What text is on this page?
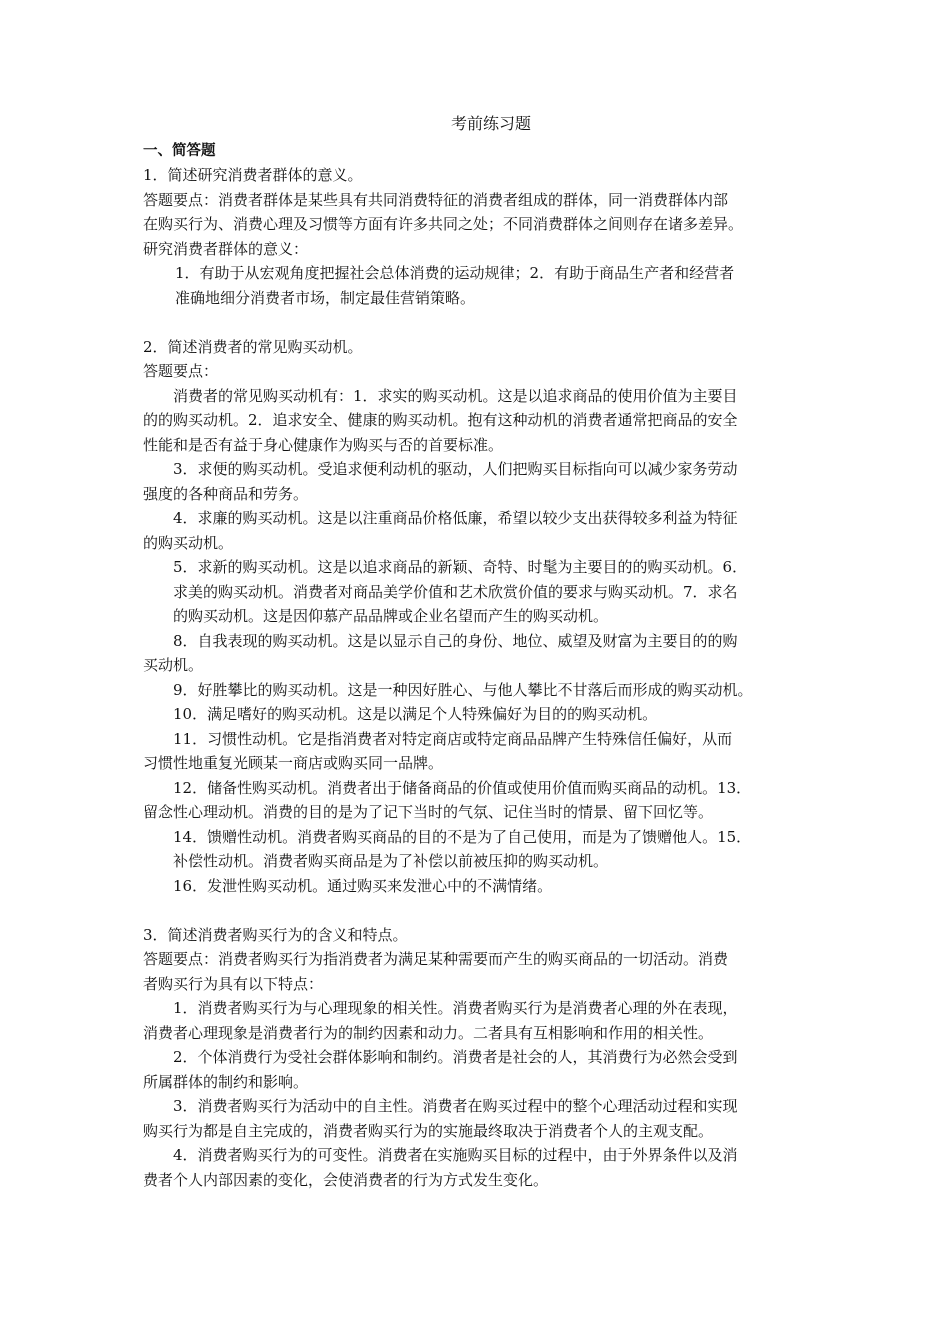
考前练习题
一、简答题
1．简述研究消费者群体的意义。
答题要点：消费者群体是某些具有共同消费特征的消费者组成的群体，同一消费群体内部
在购买行为、消费心理及习惯等方面有许多共同之处；不同消费群体之间则存在诸多差异。
研究消费者群体的意义：
1．有助于从宏观角度把握社会总体消费的运动规律；2．有助于商品生产者和经营者
准确地细分消费者市场，制定最佳营销策略。
2．简述消费者的常见购买动机。
答题要点：
消费者的常见购买动机有：1．求实的购买动机。这是以追求商品的使用价值为主要目
的的购买动机。2．追求安全、健康的购买动机。抱有这种动机的消费者通常把商品的安全
性能和是否有益于身心健康作为购买与否的首要标准。
3．求便的购买动机。受追求便利动机的驱动，人们把购买目标指向可以减少家务劳动
强度的各种商品和劳务。
4．求廉的购买动机。这是以注重商品价格低廉，希望以较少支出获得较多利益为特征
的购买动机。
5．求新的购买动机。这是以追求商品的新颖、奇特、时髦为主要目的的购买动机。6．
求美的购买动机。消费者对商品美学价值和艺术欣赏价值的要求与购买动机。7．求名
的购买动机。这是因仰慕产品品牌或企业名望而产生的购买动机。
8．自我表现的购买动机。这是以显示自己的身份、地位、威望及财富为主要目的的购
买动机。
9．好胜攀比的购买动机。这是一种因好胜心、与他人攀比不甘落后而形成的购买动机。
10．满足嗜好的购买动机。这是以满足个人特殊偏好为目的的购买动机。
11．习惯性动机。它是指消费者对特定商店或特定商品品牌产生特殊信任偏好，从而
习惯性地重复光顾某一商店或购买同一品牌。
12．储备性购买动机。消费者出于储备商品的价值或使用价值而购买商品的动机。13．
留念性心理动机。消费的目的是为了记下当时的气氛、记住当时的情景、留下回忆等。
14．馈赠性动机。消费者购买商品的目的不是为了自己使用，而是为了馈赠他人。15．
补偿性动机。消费者购买商品是为了补偿以前被压抑的购买动机。
16．发泄性购买动机。通过购买来发泄心中的不满情绪。
3．简述消费者购买行为的含义和特点。
答题要点：消费者购买行为指消费者为满足某种需要而产生的购买商品的一切活动。消费
者购买行为具有以下特点：
1．消费者购买行为与心理现象的相关性。消费者购买行为是消费者心理的外在表现，
消费者心理现象是消费者行为的制约因素和动力。二者具有互相影响和作用的相关性。
2．个体消费行为受社会群体影响和制约。消费者是社会的人，其消费行为必然会受到
所属群体的制约和影响。
3．消费者购买行为活动中的自主性。消费者在购买过程中的整个心理活动过程和实现
购买行为都是自主完成的，消费者购买行为的实施最终取决于消费者个人的主观支配。
4．消费者购买行为的可变性。消费者在实施购买目标的过程中，由于外界条件以及消
费者个人内部因素的变化，会使消费者的行为方式发生变化。
